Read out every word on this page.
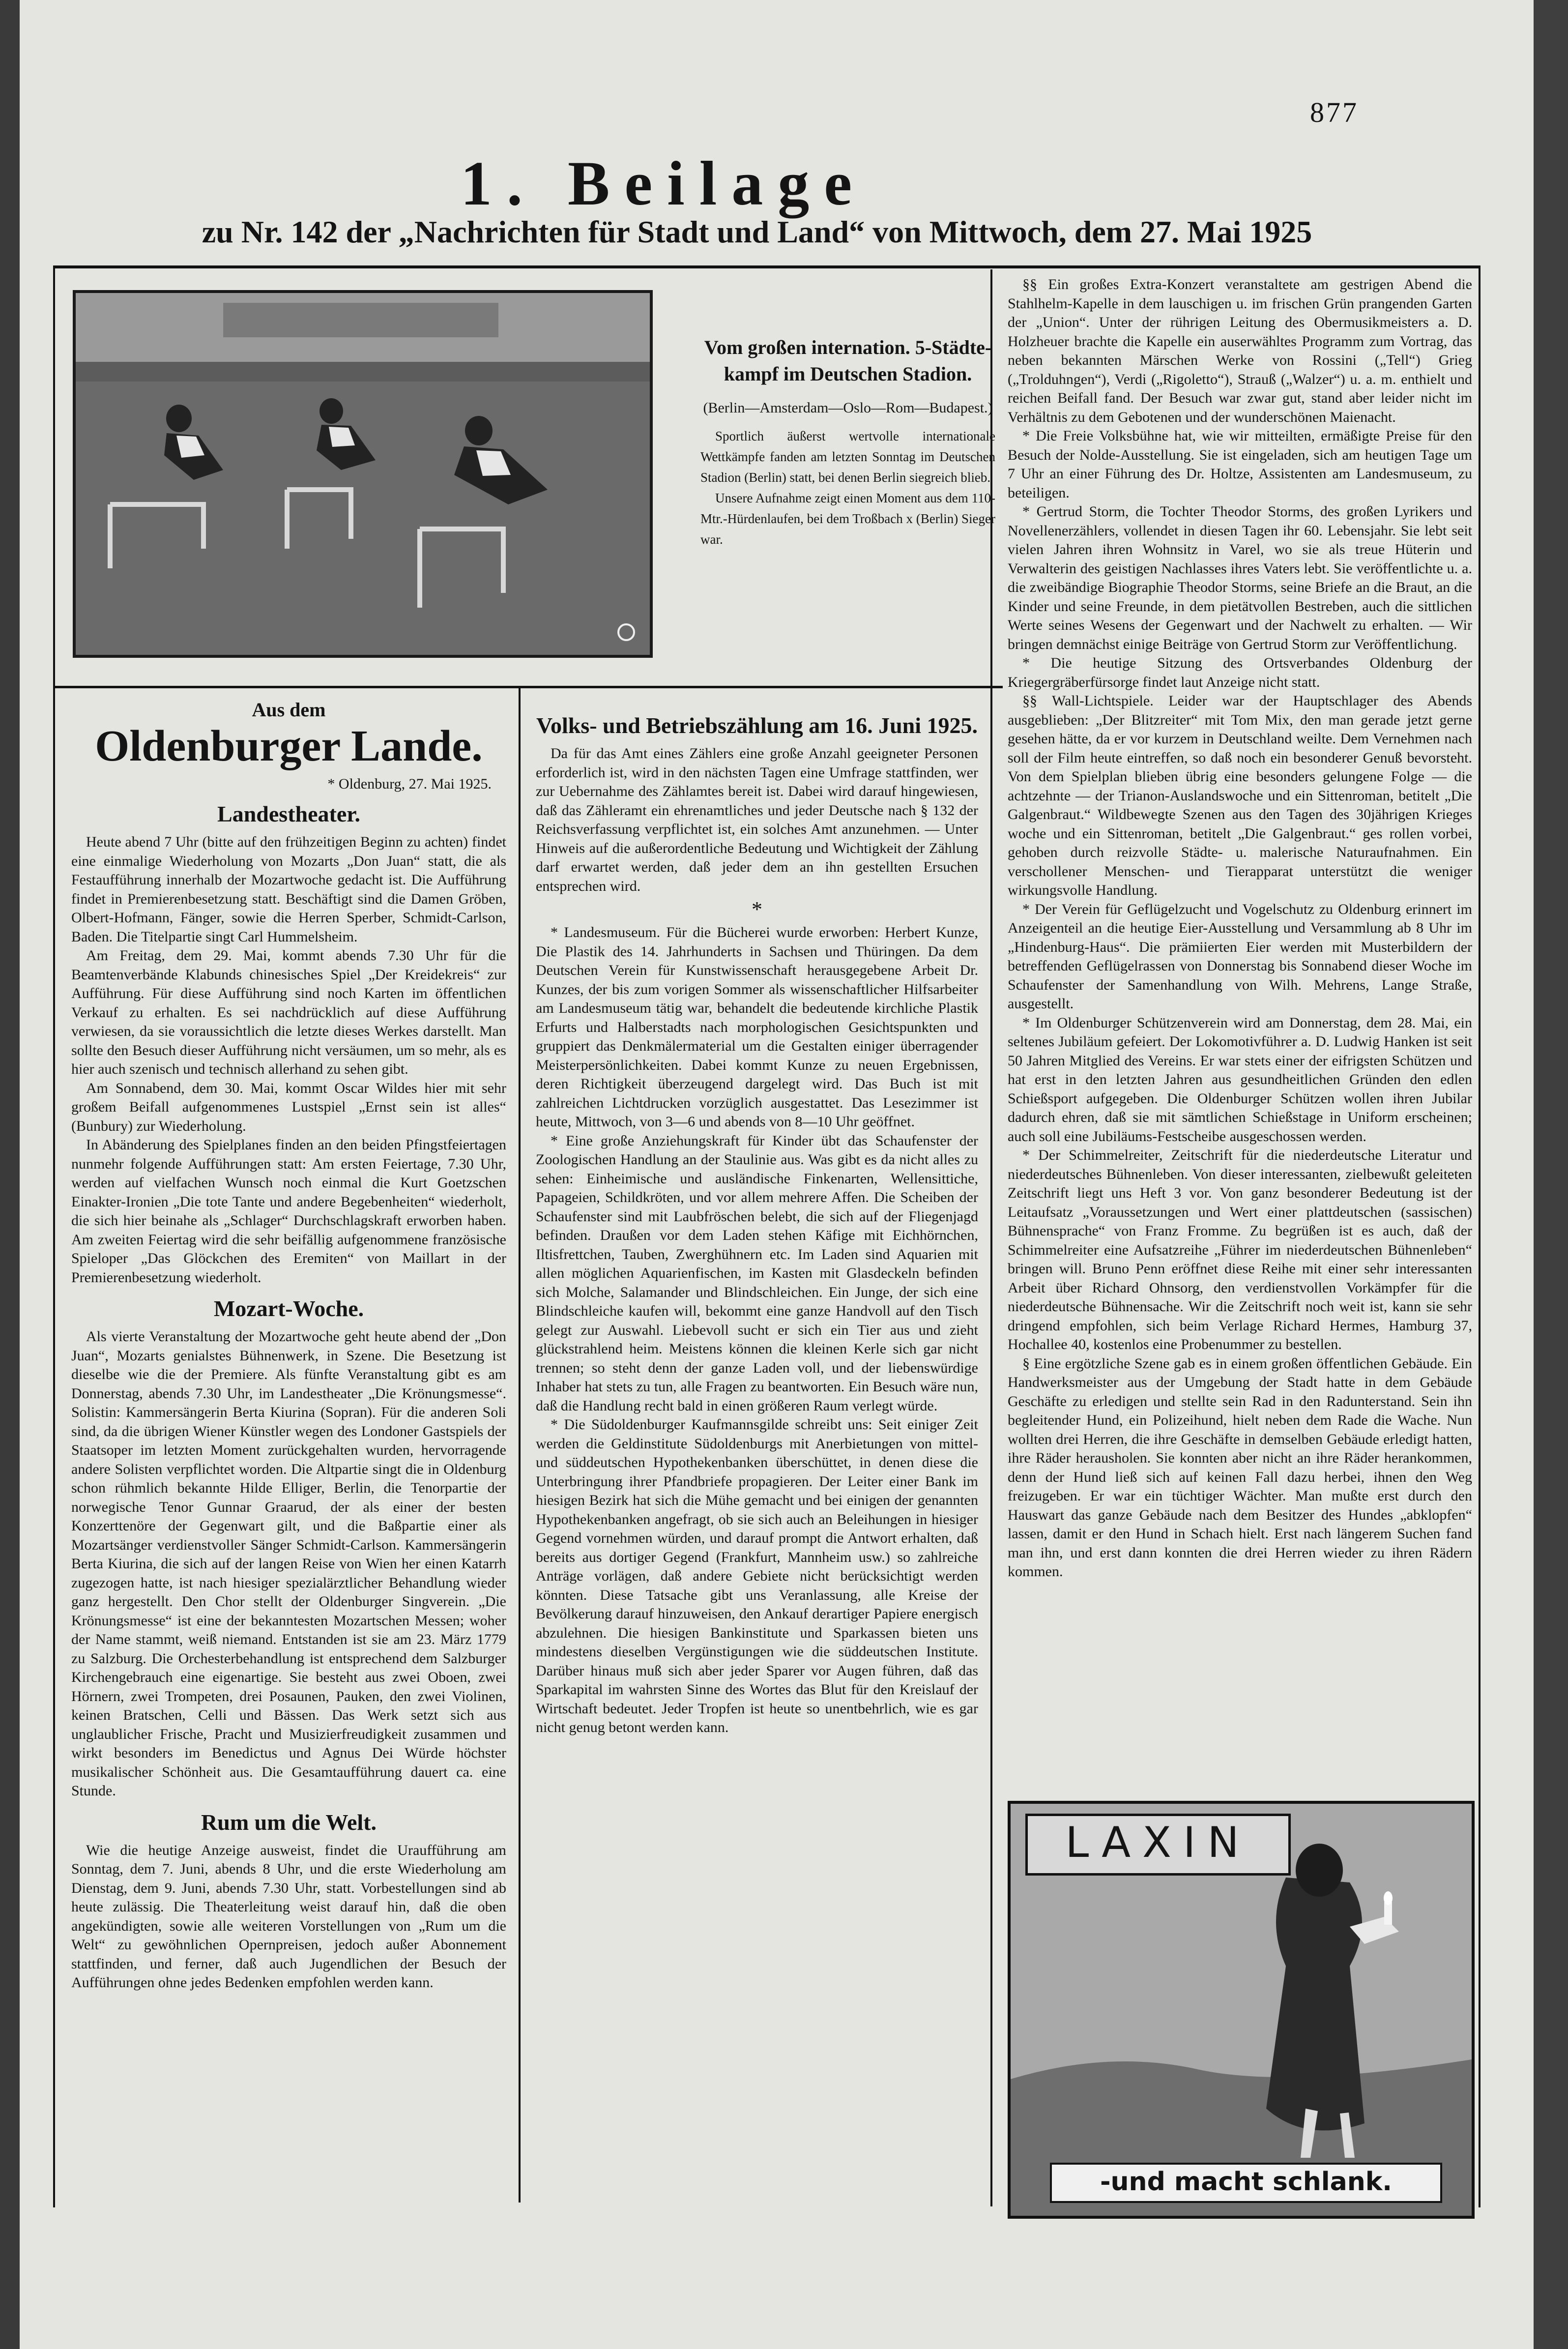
877
1. Beilage
zu Nr. 142 der „Nachrichten für Stadt und Land“ von Mittwoch, dem 27. Mai 1925

Vom großen internation. 5-Städte-kampf im Deutschen Stadion.

(Berlin—Amsterdam—Oslo—Rom—Budapest.)

Sportlich äußerst wertvolle internationale Wettkämpfe fanden am letzten Sonntag im Deutschen Stadion (Berlin) statt, bei denen Berlin siegreich blieb.

Unsere Aufnahme zeigt einen Moment aus dem 110-Mtr.-Hürdenlaufen, bei dem Troßbach x (Berlin) Sieger war.

Aus dem

Oldenburger Lande.

* Oldenburg, 27. Mai 1925.

Landestheater.

Heute abend 7 Uhr (bitte auf den frühzeitigen Beginn zu achten) findet eine einmalige Wiederholung von Mozarts „Don Juan“ statt, die als Festaufführung innerhalb der Mozartwoche gedacht ist. Die Aufführung findet in Premierenbesetzung statt. Beschäftigt sind die Damen Gröben, Olbert-Hofmann, Fänger, sowie die Herren Sperber, Schmidt-Carlson, Baden. Die Titelpartie singt Carl Hummelsheim.

Am Freitag, dem 29. Mai, kommt abends 7.30 Uhr für die Beamtenverbände Klabunds chinesisches Spiel „Der Kreidekreis“ zur Aufführung. Für diese Aufführung sind noch Karten im öffentlichen Verkauf zu erhalten. Es sei nachdrücklich auf diese Aufführung verwiesen, da sie voraussichtlich die letzte dieses Werkes darstellt. Man sollte den Besuch dieser Aufführung nicht versäumen, um so mehr, als es hier auch szenisch und technisch allerhand zu sehen gibt.

Am Sonnabend, dem 30. Mai, kommt Oscar Wildes hier mit sehr großem Beifall aufgenommenes Lustspiel „Ernst sein ist alles“ (Bunbury) zur Wiederholung.

In Abänderung des Spielplanes finden an den beiden Pfingstfeiertagen nunmehr folgende Aufführungen statt: Am ersten Feiertage, 7.30 Uhr, werden auf vielfachen Wunsch noch einmal die Kurt Goetzschen Einakter-Ironien „Die tote Tante und andere Begebenheiten“ wiederholt, die sich hier beinahe als „Schlager“ Durchschlagskraft erworben haben. Am zweiten Feiertag wird die sehr beifällig aufgenommene französische Spieloper „Das Glöckchen des Eremiten“ von Maillart in der Premierenbesetzung wiederholt.

Mozart-Woche.

Als vierte Veranstaltung der Mozartwoche geht heute abend der „Don Juan“, Mozarts genialstes Bühnenwerk, in Szene. Die Besetzung ist dieselbe wie die der Premiere. Als fünfte Veranstaltung gibt es am Donnerstag, abends 7.30 Uhr, im Landestheater „Die Krönungsmesse“. Solistin: Kammersängerin Berta Kiurina (Sopran). Für die anderen Soli sind, da die übrigen Wiener Künstler wegen des Londoner Gastspiels der Staatsoper im letzten Moment zurückgehalten wurden, hervorragende andere Solisten verpflichtet worden. Die Altpartie singt die in Oldenburg schon rühmlich bekannte Hilde Elliger, Berlin, die Tenorpartie der norwegische Tenor Gunnar Graarud, der als einer der besten Konzerttenöre der Gegenwart gilt, und die Baßpartie einer als Mozartsänger verdienstvoller Sänger Schmidt-Carlson. Kammersängerin Berta Kiurina, die sich auf der langen Reise von Wien her einen Katarrh zugezogen hatte, ist nach hiesiger spezialärztlicher Behandlung wieder ganz hergestellt. Den Chor stellt der Oldenburger Singverein. „Die Krönungsmesse“ ist eine der bekanntesten Mozartschen Messen; woher der Name stammt, weiß niemand. Entstanden ist sie am 23. März 1779 zu Salzburg. Die Orchesterbehandlung ist entsprechend dem Salzburger Kirchengebrauch eine eigenartige. Sie besteht aus zwei Oboen, zwei Hörnern, zwei Trompeten, drei Posaunen, Pauken, den zwei Violinen, keinen Bratschen, Celli und Bässen. Das Werk setzt sich aus unglaublicher Frische, Pracht und Musizierfreudigkeit zusammen und wirkt besonders im Benedictus und Agnus Dei Würde höchster musikalischer Schönheit aus. Die Gesamtaufführung dauert ca. eine Stunde.

Rum um die Welt.

Wie die heutige Anzeige ausweist, findet die Uraufführung am Sonntag, dem 7. Juni, abends 8 Uhr, und die erste Wiederholung am Dienstag, dem 9. Juni, abends 7.30 Uhr, statt. Vorbestellungen sind ab heute zulässig. Die Theaterleitung weist darauf hin, daß die oben angekündigten, sowie alle weiteren Vorstellungen von „Rum um die Welt“ zu gewöhnlichen Opernpreisen, jedoch außer Abonnement stattfinden, und ferner, daß auch Jugendlichen der Besuch der Aufführungen ohne jedes Bedenken empfohlen werden kann.

Volks- und Betriebszählung am 16. Juni 1925.

Da für das Amt eines Zählers eine große Anzahl geeigneter Personen erforderlich ist, wird in den nächsten Tagen eine Umfrage stattfinden, wer zur Uebernahme des Zählamtes bereit ist. Dabei wird darauf hingewiesen, daß das Zähleramt ein ehrenamtliches und jeder Deutsche nach § 132 der Reichsverfassung verpflichtet ist, ein solches Amt anzunehmen. — Unter Hinweis auf die außerordentliche Bedeutung und Wichtigkeit der Zählung darf erwartet werden, daß jeder dem an ihn gestellten Ersuchen entsprechen wird.

*

* Landesmuseum. Für die Bücherei wurde erworben: Herbert Kunze, Die Plastik des 14. Jahrhunderts in Sachsen und Thüringen. Da dem Deutschen Verein für Kunstwissenschaft herausgegebene Arbeit Dr. Kunzes, der bis zum vorigen Sommer als wissenschaftlicher Hilfsarbeiter am Landesmuseum tätig war, behandelt die bedeutende kirchliche Plastik Erfurts und Halberstadts nach morphologischen Gesichtspunkten und gruppiert das Denkmälermaterial um die Gestalten einiger überragender Meisterpersönlichkeiten. Dabei kommt Kunze zu neuen Ergebnissen, deren Richtigkeit überzeugend dargelegt wird. Das Buch ist mit zahlreichen Lichtdrucken vorzüglich ausgestattet. Das Lesezimmer ist heute, Mittwoch, von 3—6 und abends von 8—10 Uhr geöffnet.

* Eine große Anziehungskraft für Kinder übt das Schaufenster der Zoologischen Handlung an der Staulinie aus. Was gibt es da nicht alles zu sehen: Einheimische und ausländische Finkenarten, Wellensittiche, Papageien, Schildkröten, und vor allem mehrere Affen. Die Scheiben der Schaufenster sind mit Laubfröschen belebt, die sich auf der Fliegenjagd befinden. Draußen vor dem Laden stehen Käfige mit Eichhörnchen, Iltisfrettchen, Tauben, Zwerghühnern etc. Im Laden sind Aquarien mit allen möglichen Aquarienfischen, im Kasten mit Glasdeckeln befinden sich Molche, Salamander und Blindschleichen. Ein Junge, der sich eine Blindschleiche kaufen will, bekommt eine ganze Handvoll auf den Tisch gelegt zur Auswahl. Liebevoll sucht er sich ein Tier aus und zieht glückstrahlend heim. Meistens können die kleinen Kerle sich gar nicht trennen; so steht denn der ganze Laden voll, und der liebenswürdige Inhaber hat stets zu tun, alle Fragen zu beantworten. Ein Besuch wäre nun, daß die Handlung recht bald in einen größeren Raum verlegt würde.

* Die Südoldenburger Kaufmannsgilde schreibt uns: Seit einiger Zeit werden die Geldinstitute Südoldenburgs mit Anerbietungen von mittel- und süddeutschen Hypothekenbanken überschüttet, in denen diese die Unterbringung ihrer Pfandbriefe propagieren. Der Leiter einer Bank im hiesigen Bezirk hat sich die Mühe gemacht und bei einigen der genannten Hypothekenbanken angefragt, ob sie sich auch an Beleihungen in hiesiger Gegend vornehmen würden, und darauf prompt die Antwort erhalten, daß bereits aus dortiger Gegend (Frankfurt, Mannheim usw.) so zahlreiche Anträge vorlägen, daß andere Gebiete nicht berücksichtigt werden könnten. Diese Tatsache gibt uns Veranlassung, alle Kreise der Bevölkerung darauf hinzuweisen, den Ankauf derartiger Papiere energisch abzulehnen. Die hiesigen Bankinstitute und Sparkassen bieten uns mindestens dieselben Vergünstigungen wie die süddeutschen Institute. Darüber hinaus muß sich aber jeder Sparer vor Augen führen, daß das Sparkapital im wahrsten Sinne des Wortes das Blut für den Kreislauf der Wirtschaft bedeutet. Jeder Tropfen ist heute so unentbehrlich, wie es gar nicht genug betont werden kann.

§§ Ein großes Extra-Konzert veranstaltete am gestrigen Abend die Stahlhelm-Kapelle in dem lauschigen u. im frischen Grün prangenden Garten der „Union“. Unter der rührigen Leitung des Obermusikmeisters a. D. Holzheuer brachte die Kapelle ein auserwähltes Programm zum Vortrag, das neben bekannten Märschen Werke von Rossini („Tell“) Grieg („Trolduhngen“), Verdi („Rigoletto“), Strauß („Walzer“) u. a. m. enthielt und reichen Beifall fand. Der Besuch war zwar gut, stand aber leider nicht im Verhältnis zu dem Gebotenen und der wunderschönen Maienacht.

* Die Freie Volksbühne hat, wie wir mitteilten, ermäßigte Preise für den Besuch der Nolde-Ausstellung. Sie ist eingeladen, sich am heutigen Tage um 7 Uhr an einer Führung des Dr. Holtze, Assistenten am Landesmuseum, zu beteiligen.

* Gertrud Storm, die Tochter Theodor Storms, des großen Lyrikers und Novellenerzählers, vollendet in diesen Tagen ihr 60. Lebensjahr. Sie lebt seit vielen Jahren ihren Wohnsitz in Varel, wo sie als treue Hüterin und Verwalterin des geistigen Nachlasses ihres Vaters lebt. Sie veröffentlichte u. a. die zweibändige Biographie Theodor Storms, seine Briefe an die Braut, an die Kinder und seine Freunde, in dem pietätvollen Bestreben, auch die sittlichen Werte seines Wesens der Gegenwart und der Nachwelt zu erhalten. — Wir bringen demnächst einige Beiträge von Gertrud Storm zur Veröffentlichung.

* Die heutige Sitzung des Ortsverbandes Oldenburg der Kriegergräberfürsorge findet laut Anzeige nicht statt.

§§ Wall-Lichtspiele. Leider war der Hauptschlager des Abends ausgeblieben: „Der Blitzreiter“ mit Tom Mix, den man gerade jetzt gerne gesehen hätte, da er vor kurzem in Deutschland weilte. Dem Vernehmen nach soll der Film heute eintreffen, so daß noch ein besonderer Genuß bevorsteht. Von dem Spielplan blieben übrig eine besonders gelungene Folge — die achtzehnte — der Trianon-Auslandswoche und ein Sittenroman, betitelt „Die Galgenbraut.“ Wildbewegte Szenen aus den Tagen des 30jährigen Krieges woche und ein Sittenroman, betitelt „Die Galgenbraut.“ ges rollen vorbei, gehoben durch reizvolle Städte- u. malerische Naturaufnahmen. Ein verschollener Menschen- und Tierapparat unterstützt die weniger wirkungsvolle Handlung.

* Der Verein für Geflügelzucht und Vogelschutz zu Oldenburg erinnert im Anzeigenteil an die heutige Eier-Ausstellung und Versammlung ab 8 Uhr im „Hindenburg-Haus“. Die prämiierten Eier werden mit Musterbildern der betreffenden Geflügelrassen von Donnerstag bis Sonnabend dieser Woche im Schaufenster der Samenhandlung von Wilh. Mehrens, Lange Straße, ausgestellt.

* Im Oldenburger Schützenverein wird am Donnerstag, dem 28. Mai, ein seltenes Jubiläum gefeiert. Der Lokomotivführer a. D. Ludwig Hanken ist seit 50 Jahren Mitglied des Vereins. Er war stets einer der eifrigsten Schützen und hat erst in den letzten Jahren aus gesundheitlichen Gründen den edlen Schießsport aufgegeben. Die Oldenburger Schützen wollen ihren Jubilar dadurch ehren, daß sie mit sämtlichen Schießstage in Uniform erscheinen; auch soll eine Jubiläums-Festscheibe ausgeschossen werden.

* Der Schimmelreiter, Zeitschrift für die niederdeutsche Literatur und niederdeutsches Bühnenleben. Von dieser interessanten, zielbewußt geleiteten Zeitschrift liegt uns Heft 3 vor. Von ganz besonderer Bedeutung ist der Leitaufsatz „Voraussetzungen und Wert einer plattdeutschen (sassischen) Bühnensprache“ von Franz Fromme. Zu begrüßen ist es auch, daß der Schimmelreiter eine Aufsatzreihe „Führer im niederdeutschen Bühnenleben“ bringen will. Bruno Penn eröffnet diese Reihe mit einer sehr interessanten Arbeit über Richard Ohnsorg, den verdienstvollen Vorkämpfer für die niederdeutsche Bühnensache. Wir die Zeitschrift noch weit ist, kann sie sehr dringend empfohlen, sich beim Verlage Richard Hermes, Hamburg 37, Hochallee 40, kostenlos eine Probenummer zu bestellen.

§ Eine ergötzliche Szene gab es in einem großen öffentlichen Gebäude. Ein Handwerksmeister aus der Umgebung der Stadt hatte in dem Gebäude Geschäfte zu erledigen und stellte sein Rad in den Radunterstand. Sein ihn begleitender Hund, ein Polizeihund, hielt neben dem Rade die Wache. Nun wollten drei Herren, die ihre Geschäfte in demselben Gebäude erledigt hatten, ihre Räder herausholen. Sie konnten aber nicht an ihre Räder herankommen, denn der Hund ließ sich auf keinen Fall dazu herbei, ihnen den Weg freizugeben. Er war ein tüchtiger Wächter. Man mußte erst durch den Hauswart das ganze Gebäude nach dem Besitzer des Hundes „abklopfen“ lassen, damit er den Hund in Schach hielt. Erst nach längerem Suchen fand man ihn, und erst dann konnten die drei Herren wieder zu ihren Rädern kommen.

LAXIN
-und macht schlank.
